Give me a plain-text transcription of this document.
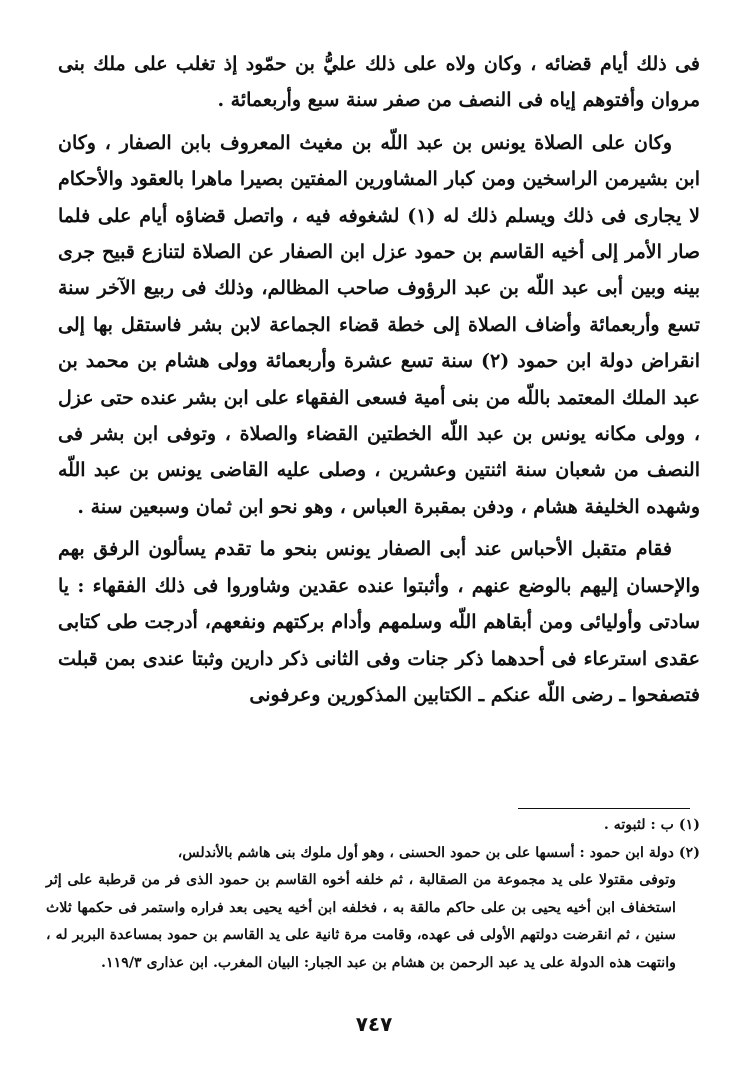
فى ذلك أيام قضائه ، وكان ولاه على ذلك عليُّ بن حمّود إذ تغلب على ملك بنى مروان وأفتوهم إياه فى النصف من صفر سنة سبع وأربعمائة .

وكان على الصلاة يونس بن عبد اللّه بن مغيث المعروف بابن الصفار ، وكان ابن بشيرمن الراسخين ومن كبار المشاورين المفتين بصيرا ماهرا بالعقود والأحكام لا يجارى فى ذلك ويسلم ذلك له (١) لشغوفه فيه ، واتصل قضاؤه أيام على فلما صار الأمر إلى أخيه القاسم بن حمود عزل ابن الصفار عن الصلاة لتنازع قبيح جرى بينه وبين أبى عبد اللّه بن عبد الرؤوف صاحب المظالم، وذلك فى ربيع الآخر سنة تسع وأربعمائة وأضاف الصلاة إلى خطة قضاء الجماعة لابن بشر فاستقل بها إلى انقراض دولة ابن حمود (٢) سنة تسع عشرة وأربعمائة وولى هشام بن محمد بن عبد الملك المعتمد باللّه من بنى أمية فسعى الفقهاء على ابن بشر عنده حتى عزل ، وولى مكانه يونس بن عبد اللّه الخطتين القضاء والصلاة ، وتوفى ابن بشر فى النصف من شعبان سنة اثنتين وعشرين ، وصلى عليه القاضى يونس بن عبد اللّه وشهده الخليفة هشام ، ودفن بمقبرة العباس ، وهو نحو ابن ثمان وسبعين سنة .

فقام متقبل الأحباس عند أبى الصفار يونس بنحو ما تقدم يسألون الرفق بهم والإحسان إليهم بالوضع عنهم ، وأثبتوا عنده عقدين وشاوروا فى ذلك الفقهاء : يا سادتى وأوليائى ومن أبقاهم اللّه وسلمهم وأدام بركتهم ونفعهم، أدرجت طى كتابى عقدى استرعاء فى أحدهما ذكر جنات وفى الثانى ذكر دارين وثبتا عندى بمن قبلت فتصفحوا ـ رضى اللّه عنكم ـ الكتابين المذكورين وعرفونى

(١) ب : لثبوته .

(٢) دولة ابن حمود : أسسها على بن حمود الحسنى ، وهو أول ملوك بنى هاشم بالأندلس،

وتوفى مقتولا على يد مجموعة من الصقالبة ، ثم خلفه أخوه القاسم بن حمود الذى فر من قرطبة على إثر استخفاف ابن أخيه يحيى بن على حاكم مالقة به ، فخلفه ابن أخيه يحيى بعد فراره واستمر فى حكمها ثلاث سنين ، ثم انقرضت دولتهم الأولى فى عهده، وقامت مرة ثانية على يد القاسم بن حمود بمساعدة البربر له ، وانتهت هذه الدولة على يد عبد الرحمن بن هشام بن عبد الجبار: البيان المغرب. ابن عذارى ١١٩/٣.

٧٤٧
